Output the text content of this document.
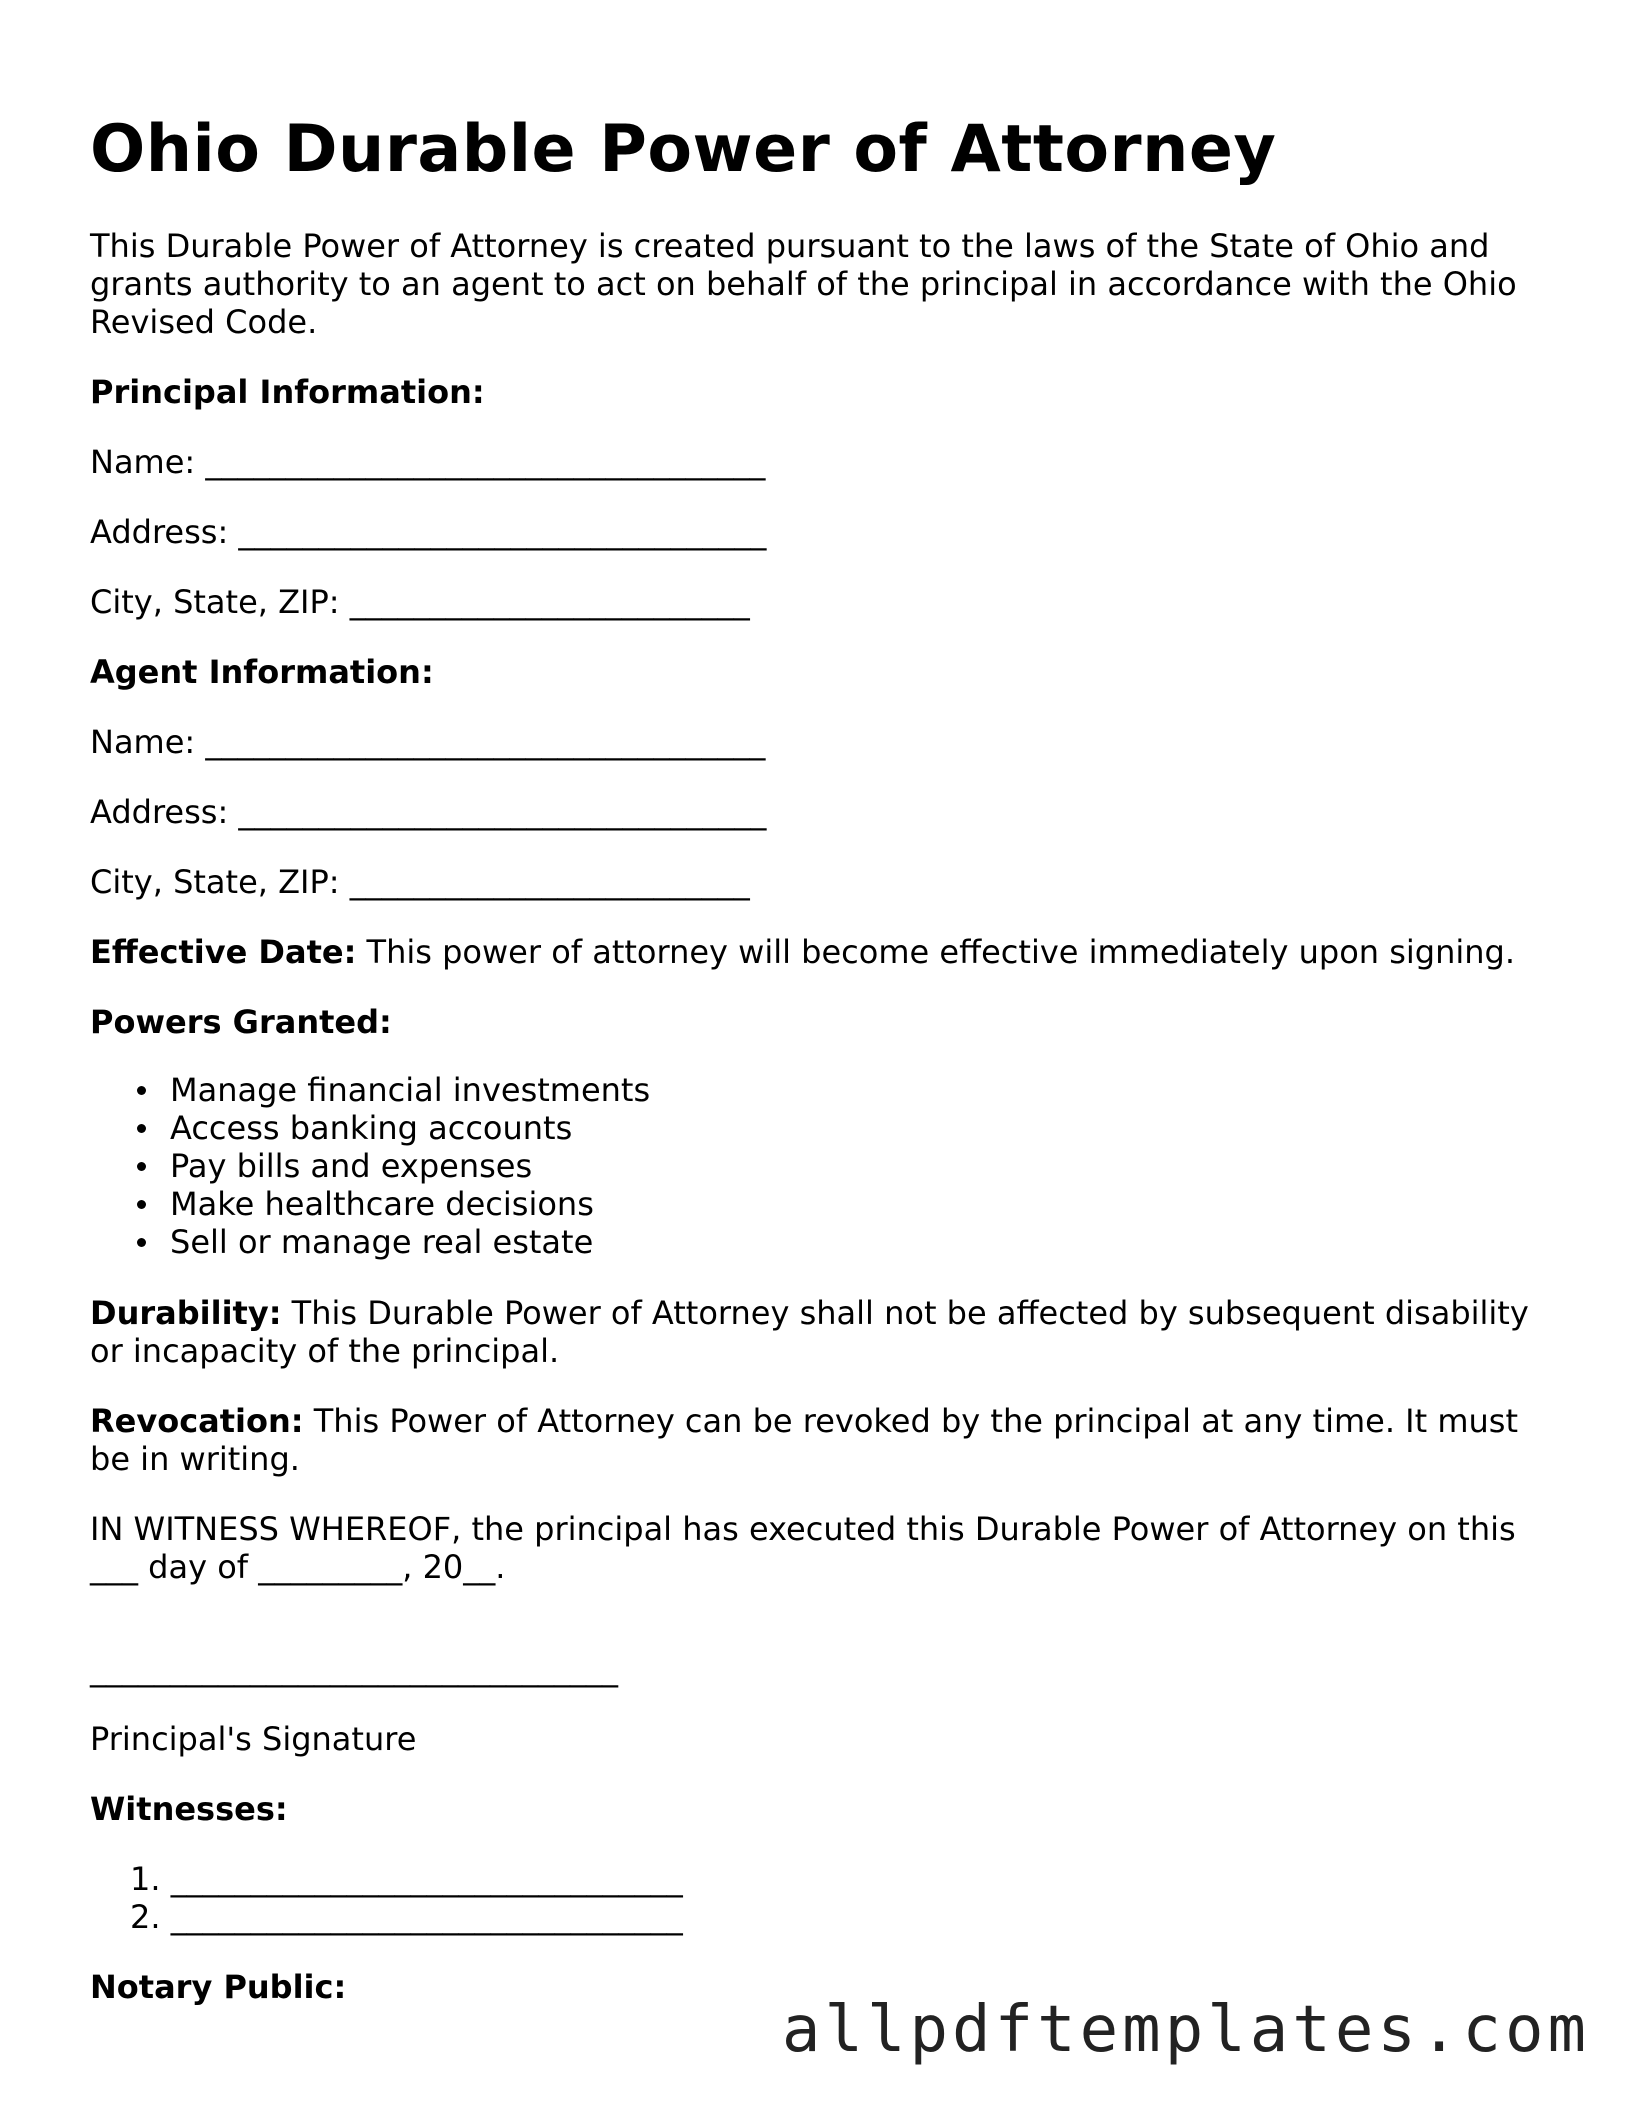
Ohio Durable Power of Attorney

This Durable Power of Attorney is created pursuant to the laws of the State of Ohio and grants authority to an agent to act on behalf of the principal in accordance with the Ohio Revised Code.

Principal Information:

Name: ___________________________________
Address: _________________________________
City, State, ZIP: _________________________

Agent Information:

Name: ___________________________________
Address: _________________________________
City, State, ZIP: _________________________

Effective Date: This power of attorney will become effective immediately upon signing.

Powers Granted:

Manage financial investments
Access banking accounts
Pay bills and expenses
Make healthcare decisions
Sell or manage real estate

Durability: This Durable Power of Attorney shall not be affected by subsequent disability or incapacity of the principal.

Revocation: This Power of Attorney can be revoked by the principal at any time. It must be in writing.

IN WITNESS WHEREOF, the principal has executed this Durable Power of Attorney on this ___ day of _________, 20__.

_________________________________

Principal's Signature

Witnesses:

1. ________________________________
2. ________________________________

Notary Public:

allpdftemplates.com
